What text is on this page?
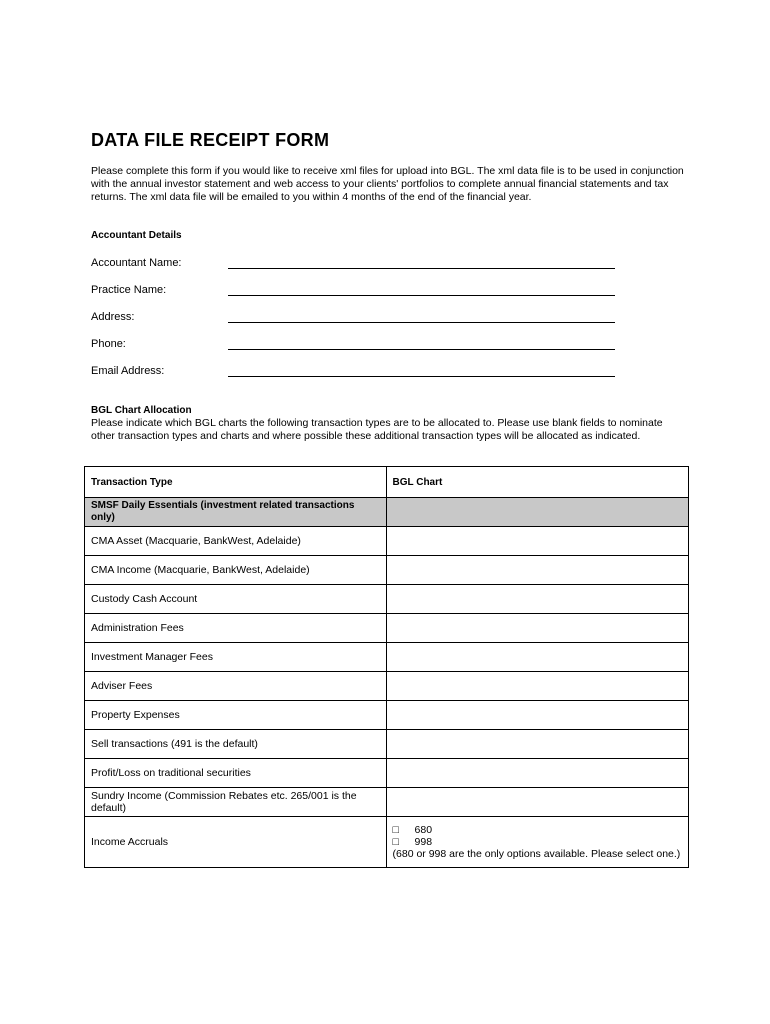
DATA FILE RECEIPT FORM
Please complete this form if you would like to receive xml files for upload into BGL. The xml data file is to be used in conjunction with the annual investor statement and web access to your clients' portfolios to complete annual financial statements and tax returns. The xml data file will be emailed to you within 4 months of the end of the financial year.
Accountant Details
Accountant Name:
Practice Name:
Address:
Phone:
Email Address:
BGL Chart Allocation
Please indicate which BGL charts the following transaction types are to be allocated to. Please use blank fields to nominate other transaction types and charts and where possible these additional transaction types will be allocated as indicated.
Transaction Type	BGL Chart
SMSF Daily Essentials (investment related transactions only)	
CMA Asset (Macquarie, BankWest, Adelaide)	
CMA Income (Macquarie, BankWest, Adelaide)	
Custody Cash Account	
Administration Fees	
Investment Manager Fees	
Adviser Fees	
Property Expenses	
Sell transactions (491 is the default)	
Profit/Loss on traditional securities	
Sundry Income (Commission Rebates etc. 265/001 is the default)	
Income Accruals	□ 680
□ 998
(680 or 998 are the only options available. Please select one.)
